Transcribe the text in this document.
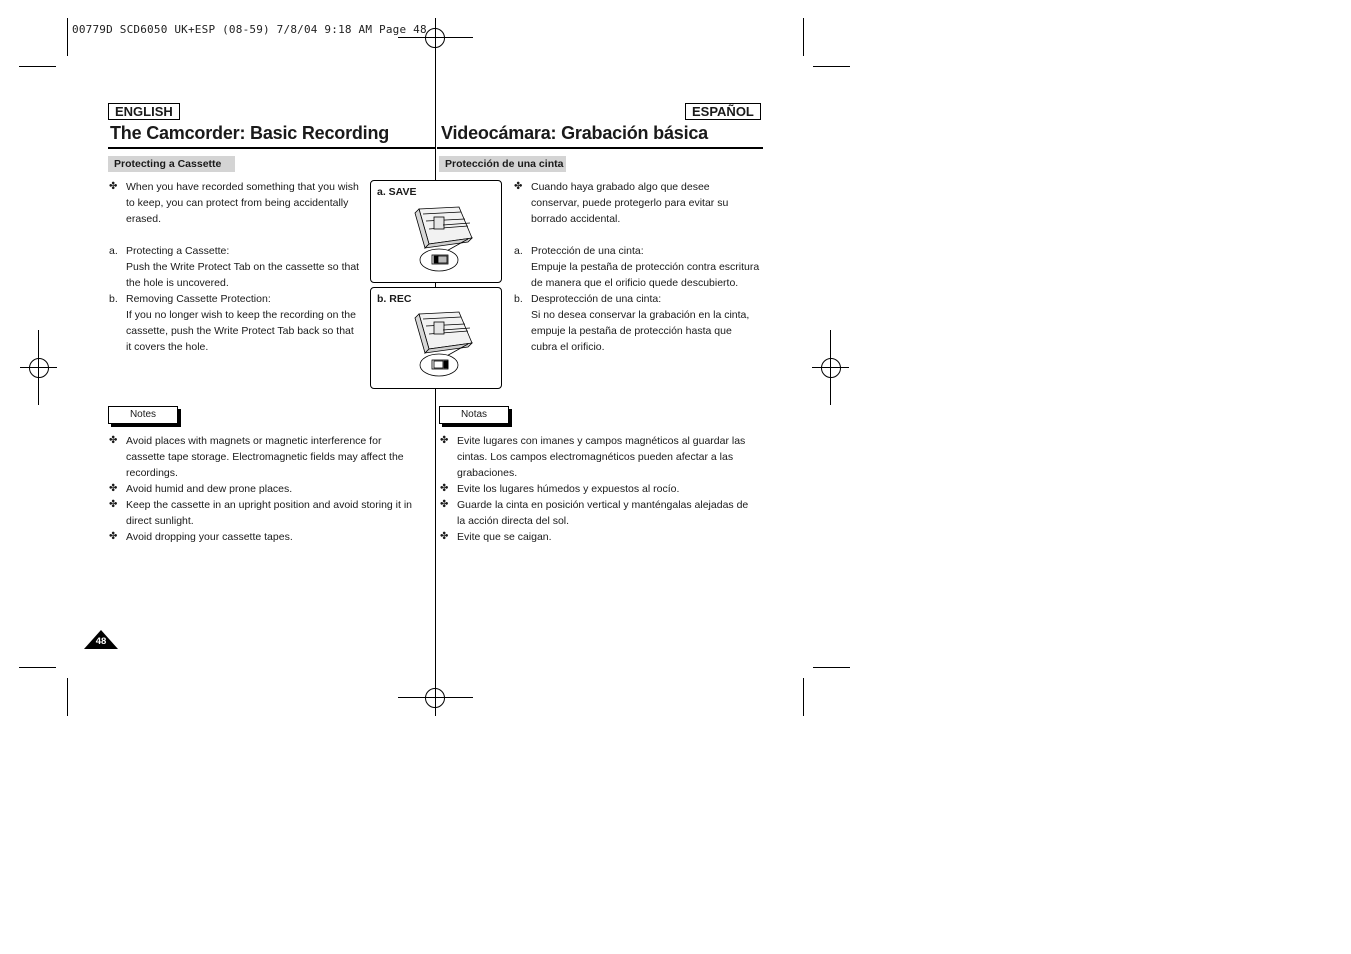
00779D SCD6050 UK+ESP (08-59) 7/8/04 9:18 AM Page 48
ENGLISH
The Camcorder: Basic Recording
Protecting a Cassette
ESPAÑOL
Videocámara: Grabación básica
Protección de una cinta
✤ When you have recorded something that you wish to keep, you can protect from being accidentally erased.
a. Protecting a Cassette:
Push the Write Protect Tab on the cassette so that the hole is uncovered.
b. Removing Cassette Protection:
If you no longer wish to keep the recording on the cassette, push the Write Protect Tab back so that it covers the hole.
✤ Cuando haya grabado algo que desee conservar, puede protegerlo para evitar su borrado accidental.
a. Protección de una cinta:
Empuje la pestaña de protección contra escritura de manera que el orificio quede descubierto.
b. Desprotección de una cinta:
Si no desea conservar la grabación en la cinta, empuje la pestaña de protección hasta que cubra el orificio.
a. SAVE
b. REC
Notes
✤ Avoid places with magnets or magnetic interference for cassette tape storage. Electromagnetic fields may affect the recordings.
✤ Avoid humid and dew prone places.
✤ Keep the cassette in an upright position and avoid storing it in direct sunlight.
✤ Avoid dropping your cassette tapes.
Notas
✤ Evite lugares con imanes y campos magnéticos al guardar las cintas. Los campos electromagnéticos pueden afectar a las grabaciones.
✤ Evite los lugares húmedos y expuestos al rocío.
✤ Guarde la cinta en posición vertical y manténgalas alejadas de la acción directa del sol.
✤ Evite que se caigan.
48
